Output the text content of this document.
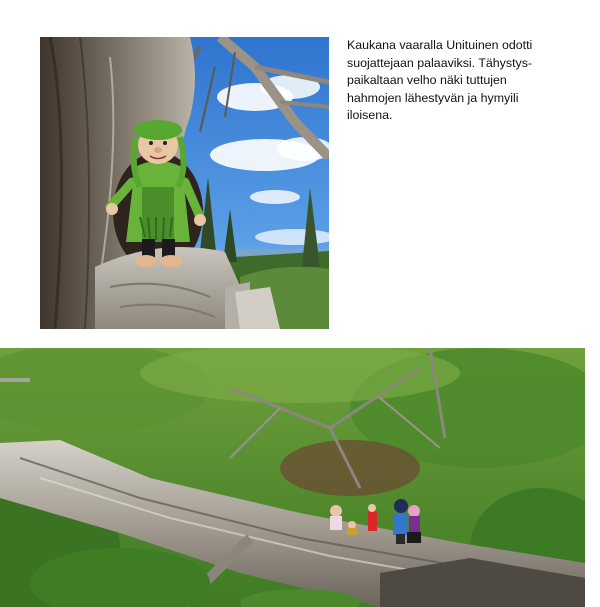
Kaukana vaaralla Unituinen odotti
suojattejaan palaaviksi. Tähystys-
paikaltaan velho näki tuttujen
hahmojen lähestyvän ja hymyili
iloisena.
